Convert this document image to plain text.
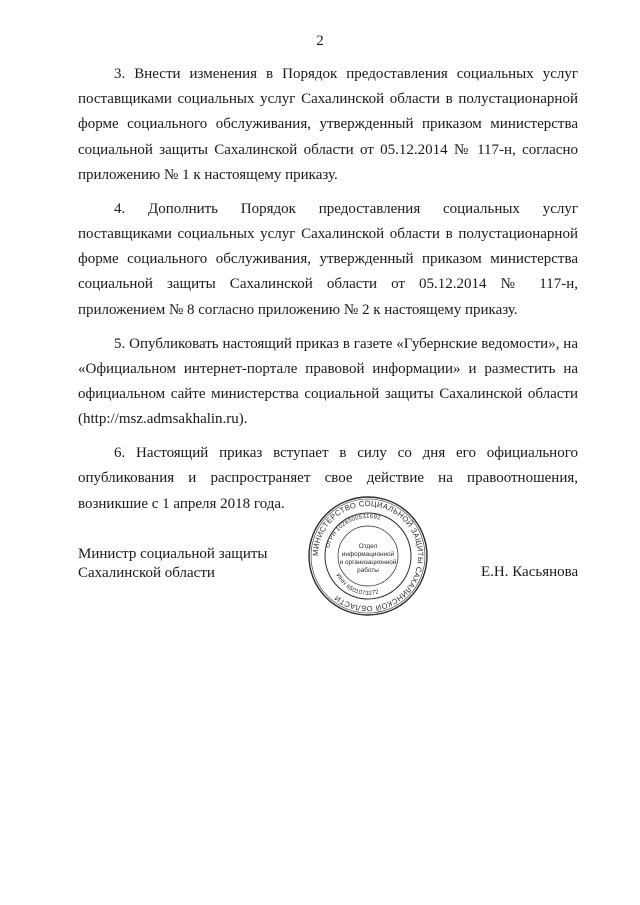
2

3. Внести изменения в Порядок предоставления социальных услуг поставщиками социальных услуг Сахалинской области в полустационарной форме социального обслуживания, утвержденный приказом министерства социальной защиты Сахалинской области от 05.12.2014 № 117-н, согласно приложению № 1 к настоящему приказу.

4. Дополнить Порядок предоставления социальных услуг поставщиками социальных услуг Сахалинской области в полустационарной форме социального обслуживания, утвержденный приказом министерства социальной защиты Сахалинской области от 05.12.2014 № 117-н, приложением № 8 согласно приложению № 2 к настоящему приказу.

5. Опубликовать настоящий приказ в газете «Губернские ведомости», на «Официальном интернет-портале правовой информации» и разместить на официальном сайте министерства социальной защиты Сахалинской области (http://msz.admsakhalin.ru).

6. Настоящий приказ вступает в силу со дня его официального опубликования и распространяет свое действие на правоотношения, возникшие с 1 апреля 2018 года.

Министр социальной защиты
Сахалинской области
МИНИСТЕРСТВО СОЦИАЛЬНОЙ ЗАЩИТЫ САХАЛИНСКОЙ ОБЛАСТИ
ОГРН 1026500531692
ИНН 6501073272
Отдел
информационной
и организационной
работы	Е.Н. Касьянова
